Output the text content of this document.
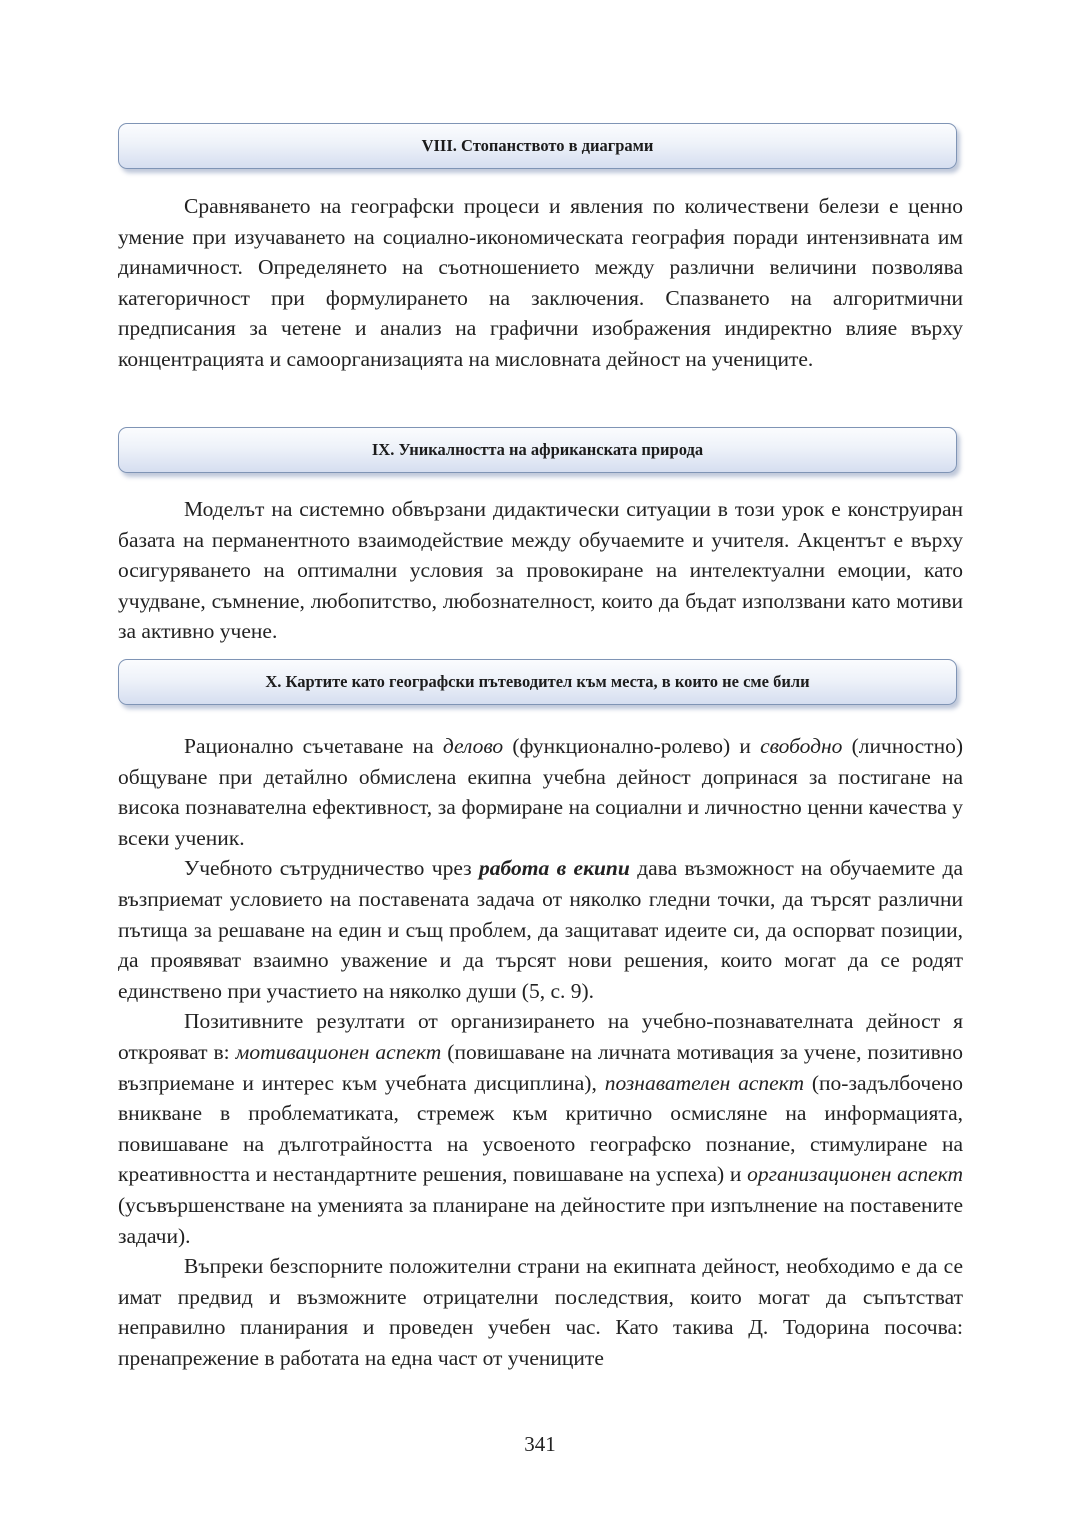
VIII. Стопанството в диаграми

Сравняването на географски процеси и явления по количествени белези е ценно умение при изучаването на социално-икономическата география поради интензивната им динамичност. Определянето на съотношението между различни величини позволява категоричност при формулирането на заключения. Спазването на алгоритмични предписания за четене и анализ на графични изображения индиректно влияе върху концентрацията и самоорганизацията на мисловната дейност на учениците.

IX. Уникалността на африканската природа

Моделът на системно обвързани дидактически ситуации в този урок е конструиран базата на перманентното взаимодействие между обучаемите и учителя. Акцентът е върху осигуряването на оптимални условия за провокиране на интелектуални емоции, като учудване, съмнение, любопитство, любознателност, които да бъдат използвани като мотиви за активно учене.

X. Картите като географски пътеводител към места, в които не сме били

Рационално съчетаване на делово (функционално-ролево) и свободно (личностно) общуване при детайлно обмислена екипна учебна дейност допринася за постигане на висока познавателна ефективност, за формиране на социални и личностно ценни качества у всеки ученик.

Учебното сътрудничество чрез работа в екипи дава възможност на обучаемите да възприемат условието на поставената задача от няколко гледни точки, да търсят различни пътища за решаване на един и същ проблем, да защитават идеите си, да оспорват позиции, да проявяват взаимно уважение и да търсят нови решения, които могат да се родят единствено при участието на няколко души (5, с. 9).

Позитивните резултати от организирането на учебно-познавателната дейност я открояват в: мотивационен аспект (повишаване на личната мотивация за учене, позитивно възприемане и интерес към учебната дисциплина), познавателен аспект (по-задълбочено вникване в проблематиката, стремеж към критично осмисляне на информацията, повишаване на дълготрайността на усвоеното географско познание, стимулиране на креативността и нестандартните решения, повишаване на успеха) и организационен аспект (усъвършенстване на уменията за планиране на дейностите при изпълнение на поставените задачи).

Въпреки безспорните положителни страни на екипната дейност, необходимо е да се имат предвид и възможните отрицателни последствия, които могат да съпътстват неправилно планирания и проведен учебен час. Като такива Д. Тодорина посочва: пренапрежение в работата на една част от учениците

341
